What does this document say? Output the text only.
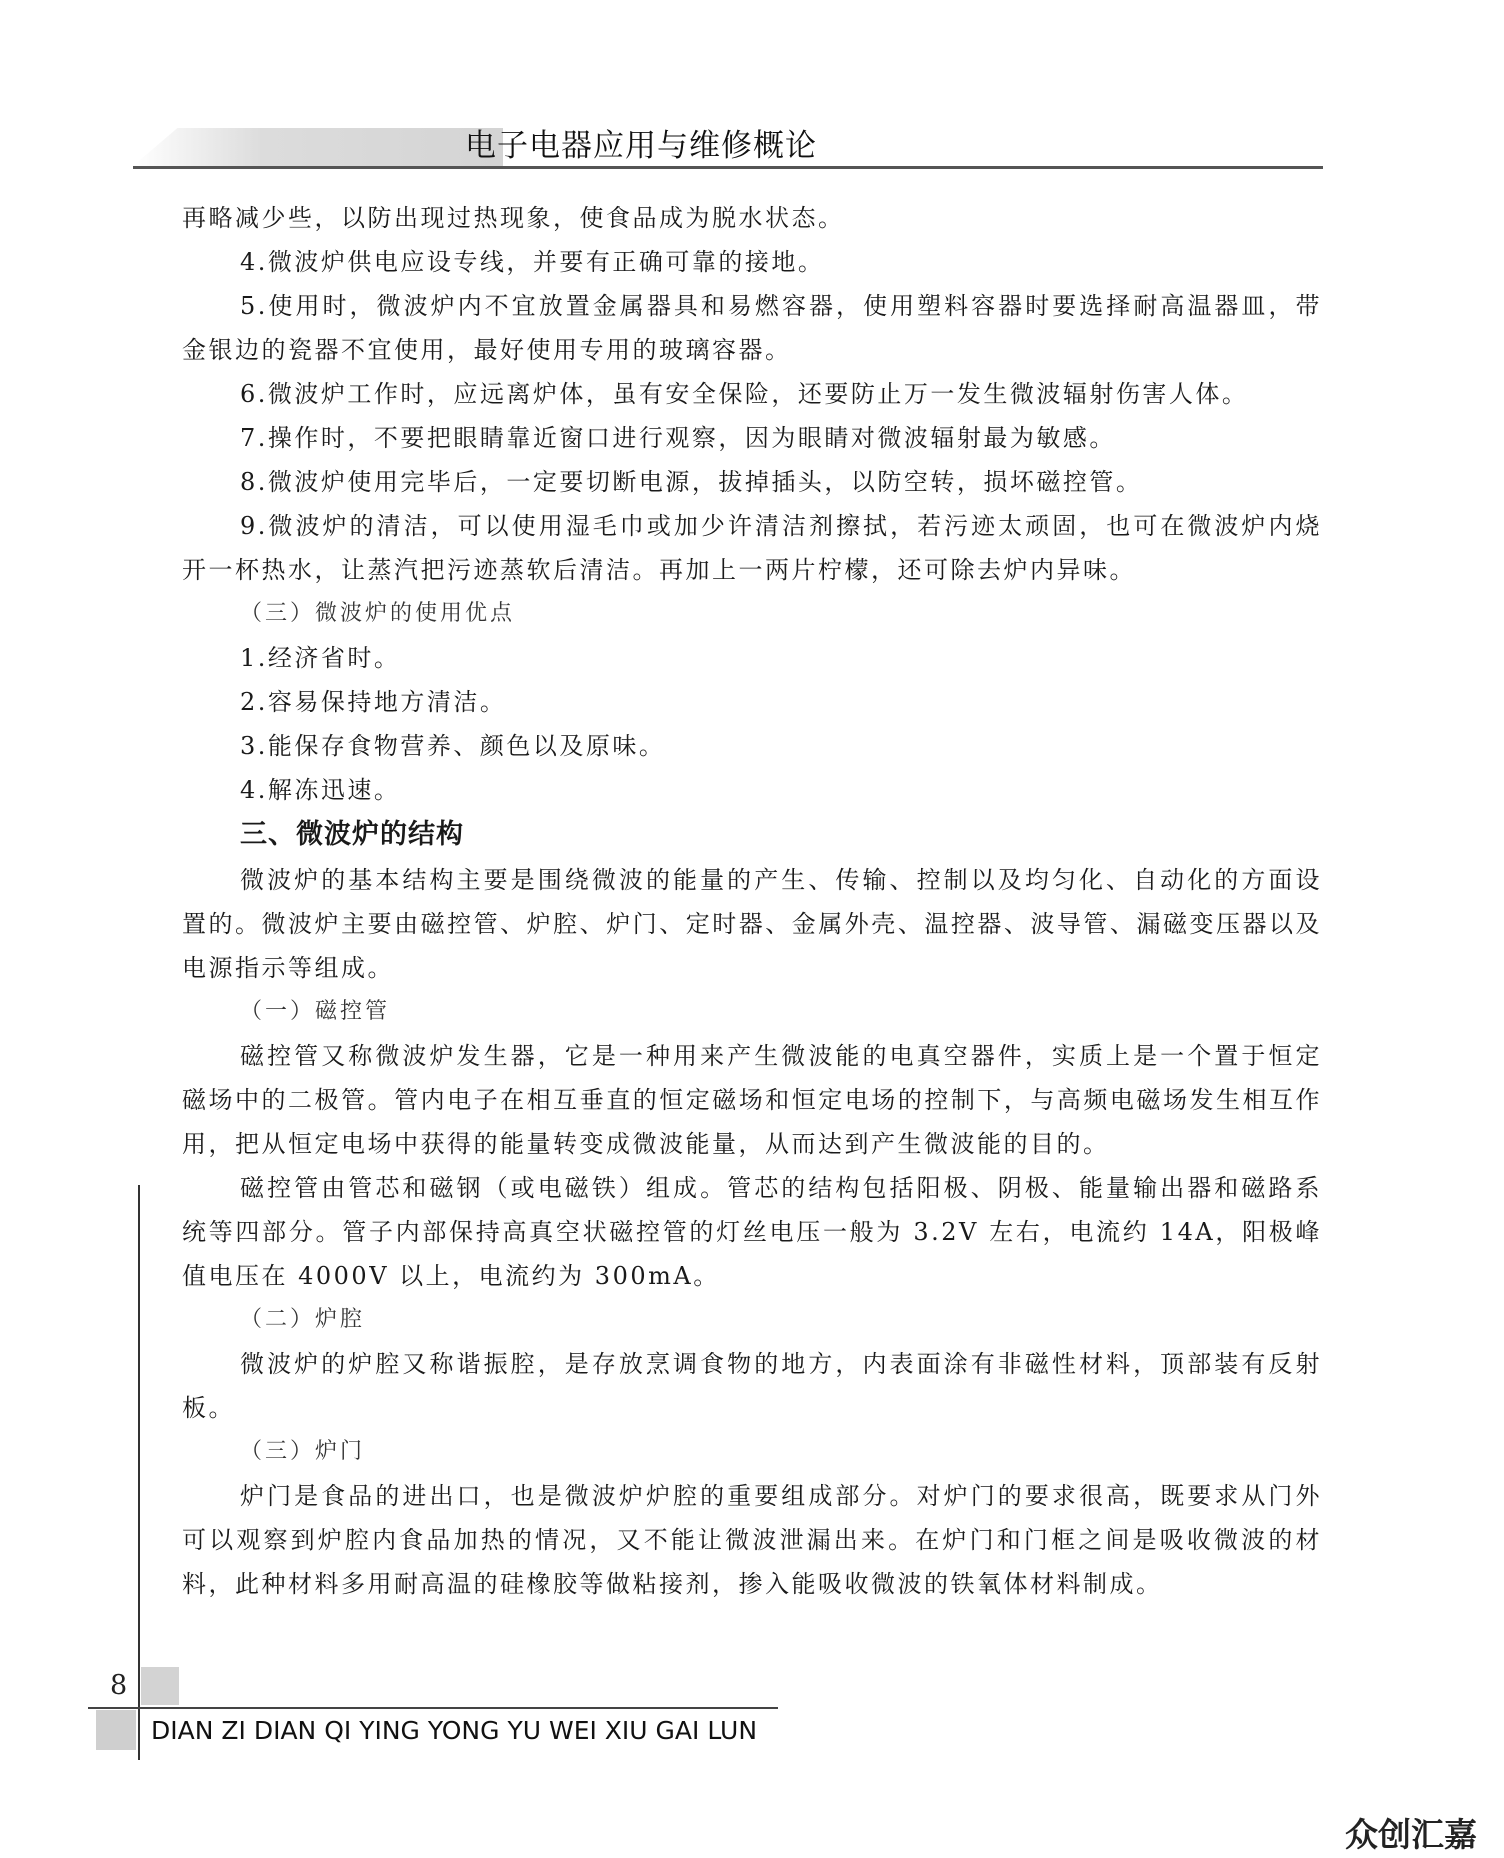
电子电器应用与维修概论

再略减少些，以防出现过热现象，使食品成为脱水状态。

4.微波炉供电应设专线，并要有正确可靠的接地。

5.使用时，微波炉内不宜放置金属器具和易燃容器，使用塑料容器时要选择耐高温器皿，带金银边的瓷器不宜使用，最好使用专用的玻璃容器。

6.微波炉工作时，应远离炉体，虽有安全保险，还要防止万一发生微波辐射伤害人体。

7.操作时，不要把眼睛靠近窗口进行观察，因为眼睛对微波辐射最为敏感。

8.微波炉使用完毕后，一定要切断电源，拔掉插头，以防空转，损坏磁控管。

9.微波炉的清洁，可以使用湿毛巾或加少许清洁剂擦拭，若污迹太顽固，也可在微波炉内烧开一杯热水，让蒸汽把污迹蒸软后清洁。再加上一两片柠檬，还可除去炉内异味。

（三）微波炉的使用优点

1.经济省时。

2.容易保持地方清洁。

3.能保存食物营养、颜色以及原味。

4.解冻迅速。

三、微波炉的结构

微波炉的基本结构主要是围绕微波的能量的产生、传输、控制以及均匀化、自动化的方面设置的。微波炉主要由磁控管、炉腔、炉门、定时器、金属外壳、温控器、波导管、漏磁变压器以及电源指示等组成。

（一）磁控管

磁控管又称微波炉发生器，它是一种用来产生微波能的电真空器件，实质上是一个置于恒定磁场中的二极管。管内电子在相互垂直的恒定磁场和恒定电场的控制下，与高频电磁场发生相互作用，把从恒定电场中获得的能量转变成微波能量，从而达到产生微波能的目的。

磁控管由管芯和磁钢（或电磁铁）组成。管芯的结构包括阳极、阴极、能量输出器和磁路系统等四部分。管子内部保持高真空状磁控管的灯丝电压一般为 3.2V 左右，电流约 14A，阳极峰值电压在 4000V 以上，电流约为 300mA。

（二）炉腔

微波炉的炉腔又称谐振腔，是存放烹调食物的地方，内表面涂有非磁性材料，顶部装有反射板。

（三）炉门

炉门是食品的进出口，也是微波炉炉腔的重要组成部分。对炉门的要求很高，既要求从门外可以观察到炉腔内食品加热的情况，又不能让微波泄漏出来。在炉门和门框之间是吸收微波的材料，此种材料多用耐高温的硅橡胶等做粘接剂，掺入能吸收微波的铁氧体材料制成。

8
DIAN ZI DIAN QI YING YONG YU WEI XIU GAI LUN
众创汇嘉
